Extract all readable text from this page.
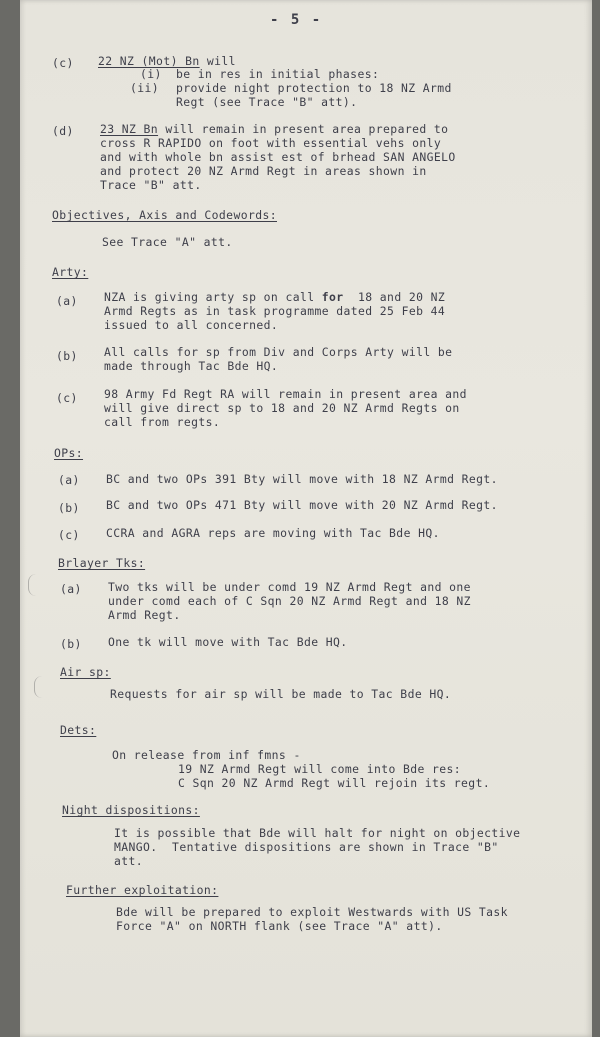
- 5 -
(c) 22 NZ (Mot) Bn will
(i) be in res in initial phases:
(ii) provide night protection to 18 NZ Armd
Regt (see Trace "B" att).
(d) 23 NZ Bn will remain in present area prepared to
cross R RAPIDO on foot with essential vehs only
and with whole bn assist est of brhead SAN ANGELO
and protect 20 NZ Armd Regt in areas shown in
Trace "B" att.
Objectives, Axis and Codewords:
See Trace "A" att.
Arty:
(a) NZA is giving arty sp on call for  18 and 20 NZ
Armd Regts as in task programme dated 25 Feb 44
issued to all concerned.
(b) All calls for sp from Div and Corps Arty will be
made through Tac Bde HQ.
(c) 98 Army Fd Regt RA will remain in present area and
will give direct sp to 18 and 20 NZ Armd Regts on
call from regts.
OPs:
(a) BC and two OPs 391 Bty will move with 18 NZ Armd Regt.
(b) BC and two OPs 471 Bty will move with 20 NZ Armd Regt.
(c) CCRA and AGRA reps are moving with Tac Bde HQ.
Brlayer Tks:
(a) Two tks will be under comd 19 NZ Armd Regt and one
under comd each of C Sqn 20 NZ Armd Regt and 18 NZ
Armd Regt.
(b) One tk will move with Tac Bde HQ.
Air sp:
Requests for air sp will be made to Tac Bde HQ.
Dets:
On release from inf fmns -
19 NZ Armd Regt will come into Bde res:
C Sqn 20 NZ Armd Regt will rejoin its regt.
Night dispositions:
It is possible that Bde will halt for night on objective
MANGO.  Tentative dispositions are shown in Trace "B"
att.
Further exploitation:
Bde will be prepared to exploit Westwards with US Task
Force "A" on NORTH flank (see Trace "A" att).
